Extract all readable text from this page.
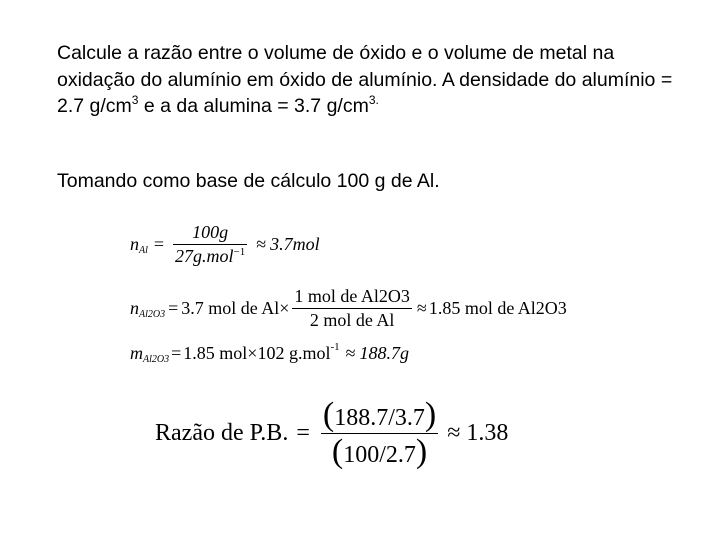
Calcule a razão entre o volume de óxido e o volume de metal na oxidação do alumínio em óxido de alumínio. A densidade do alumínio = 2.7 $g/cm^3$ e a da alumina = 3.7 $g/cm^{3.}$

Tomando como base de cálculo 100 g de Al.
n $Al = \frac{100g}{27g.mol^{-1}} \approx 3.7mol$
n Al2O3 = 3.7 mol de $Al \times \frac{\text{1 mol de Al2O3}}{\text{2 mol de Al}} \approx 1.85$ mol de Al2O3
m Al2O3 = 1.85 mol × 102 g.mol -1 ≈ 188.7g
Razão de P.B. = $\frac{(188.7/3.7)}{(100/2.7)} \approx 1.38$
